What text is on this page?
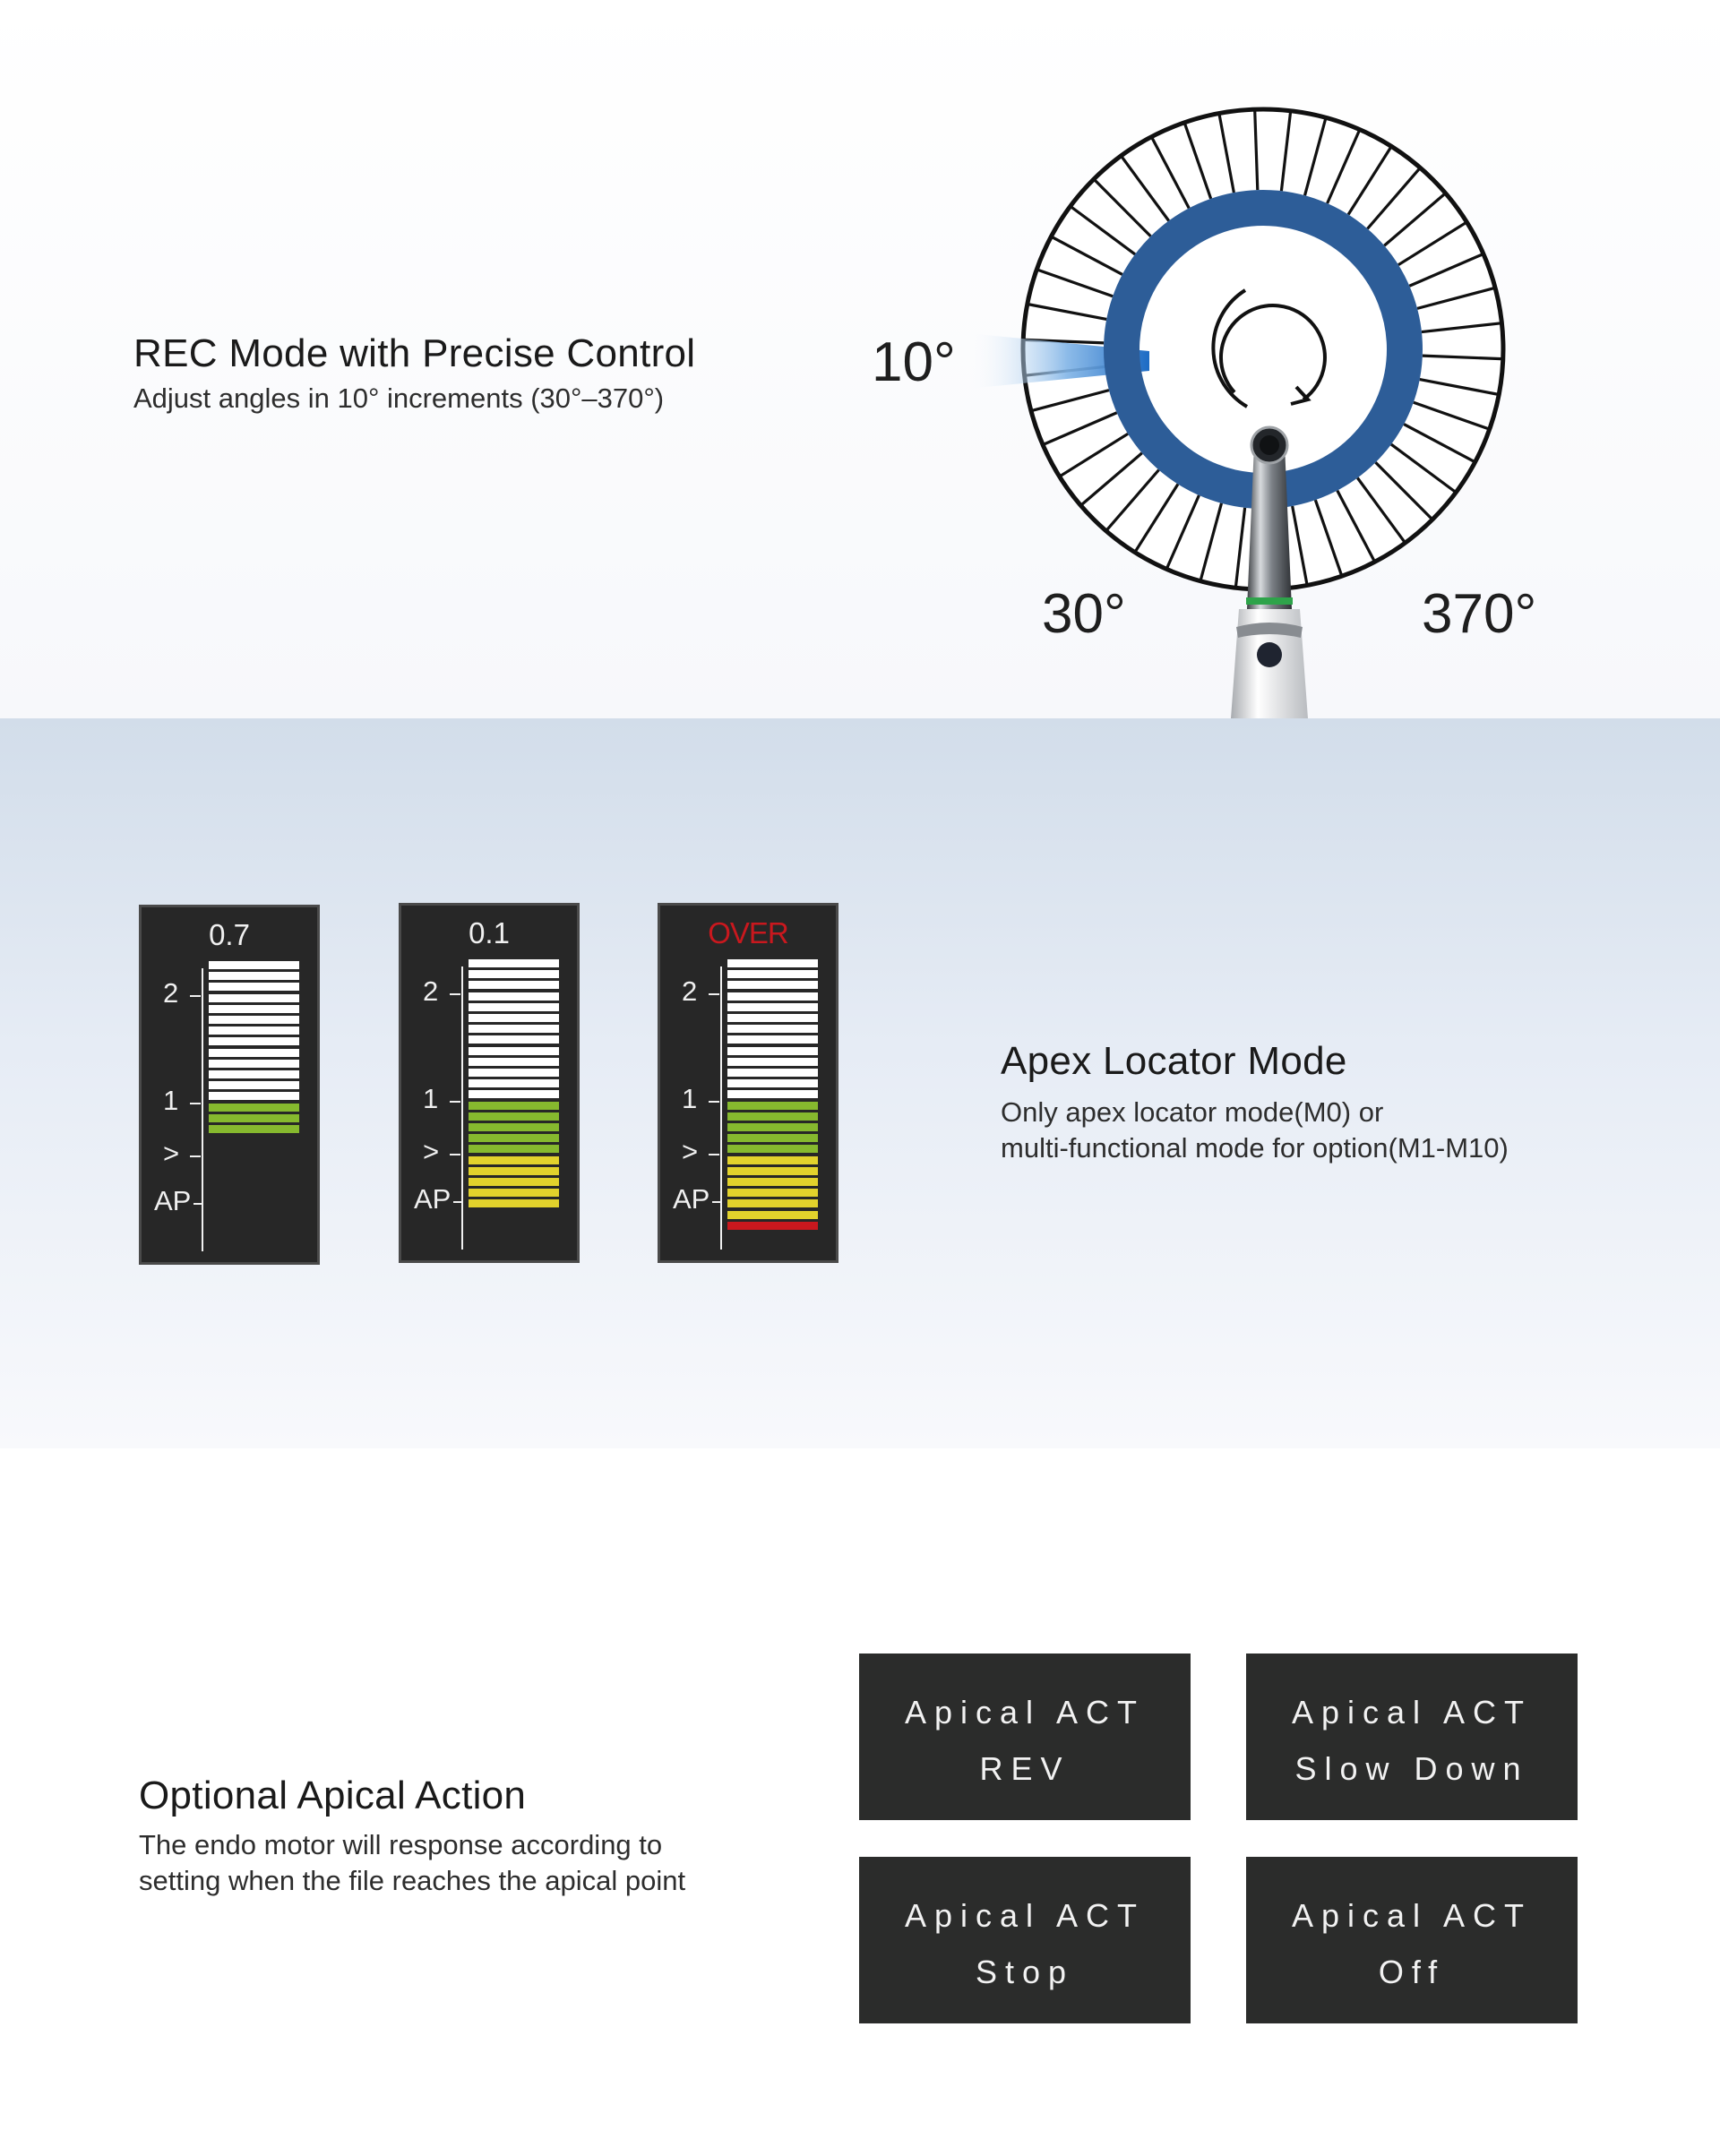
REC Mode with Precise Control
Adjust angles in 10° increments (30°–370°)
10°
30°	370°
0.7
2
1
>
AP
0.1
2
1
>
AP
OVER
2
1
>
AP
Apex Locator Mode
Only apex locator mode(M0) or
multi-functional mode for option(M1-M10)
Optional Apical Action
The endo motor will response according to
setting when the file reaches the apical point
Apical ACT
REV
Apical ACT
Slow Down
Apical ACT
Stop
Apical ACT
Off
